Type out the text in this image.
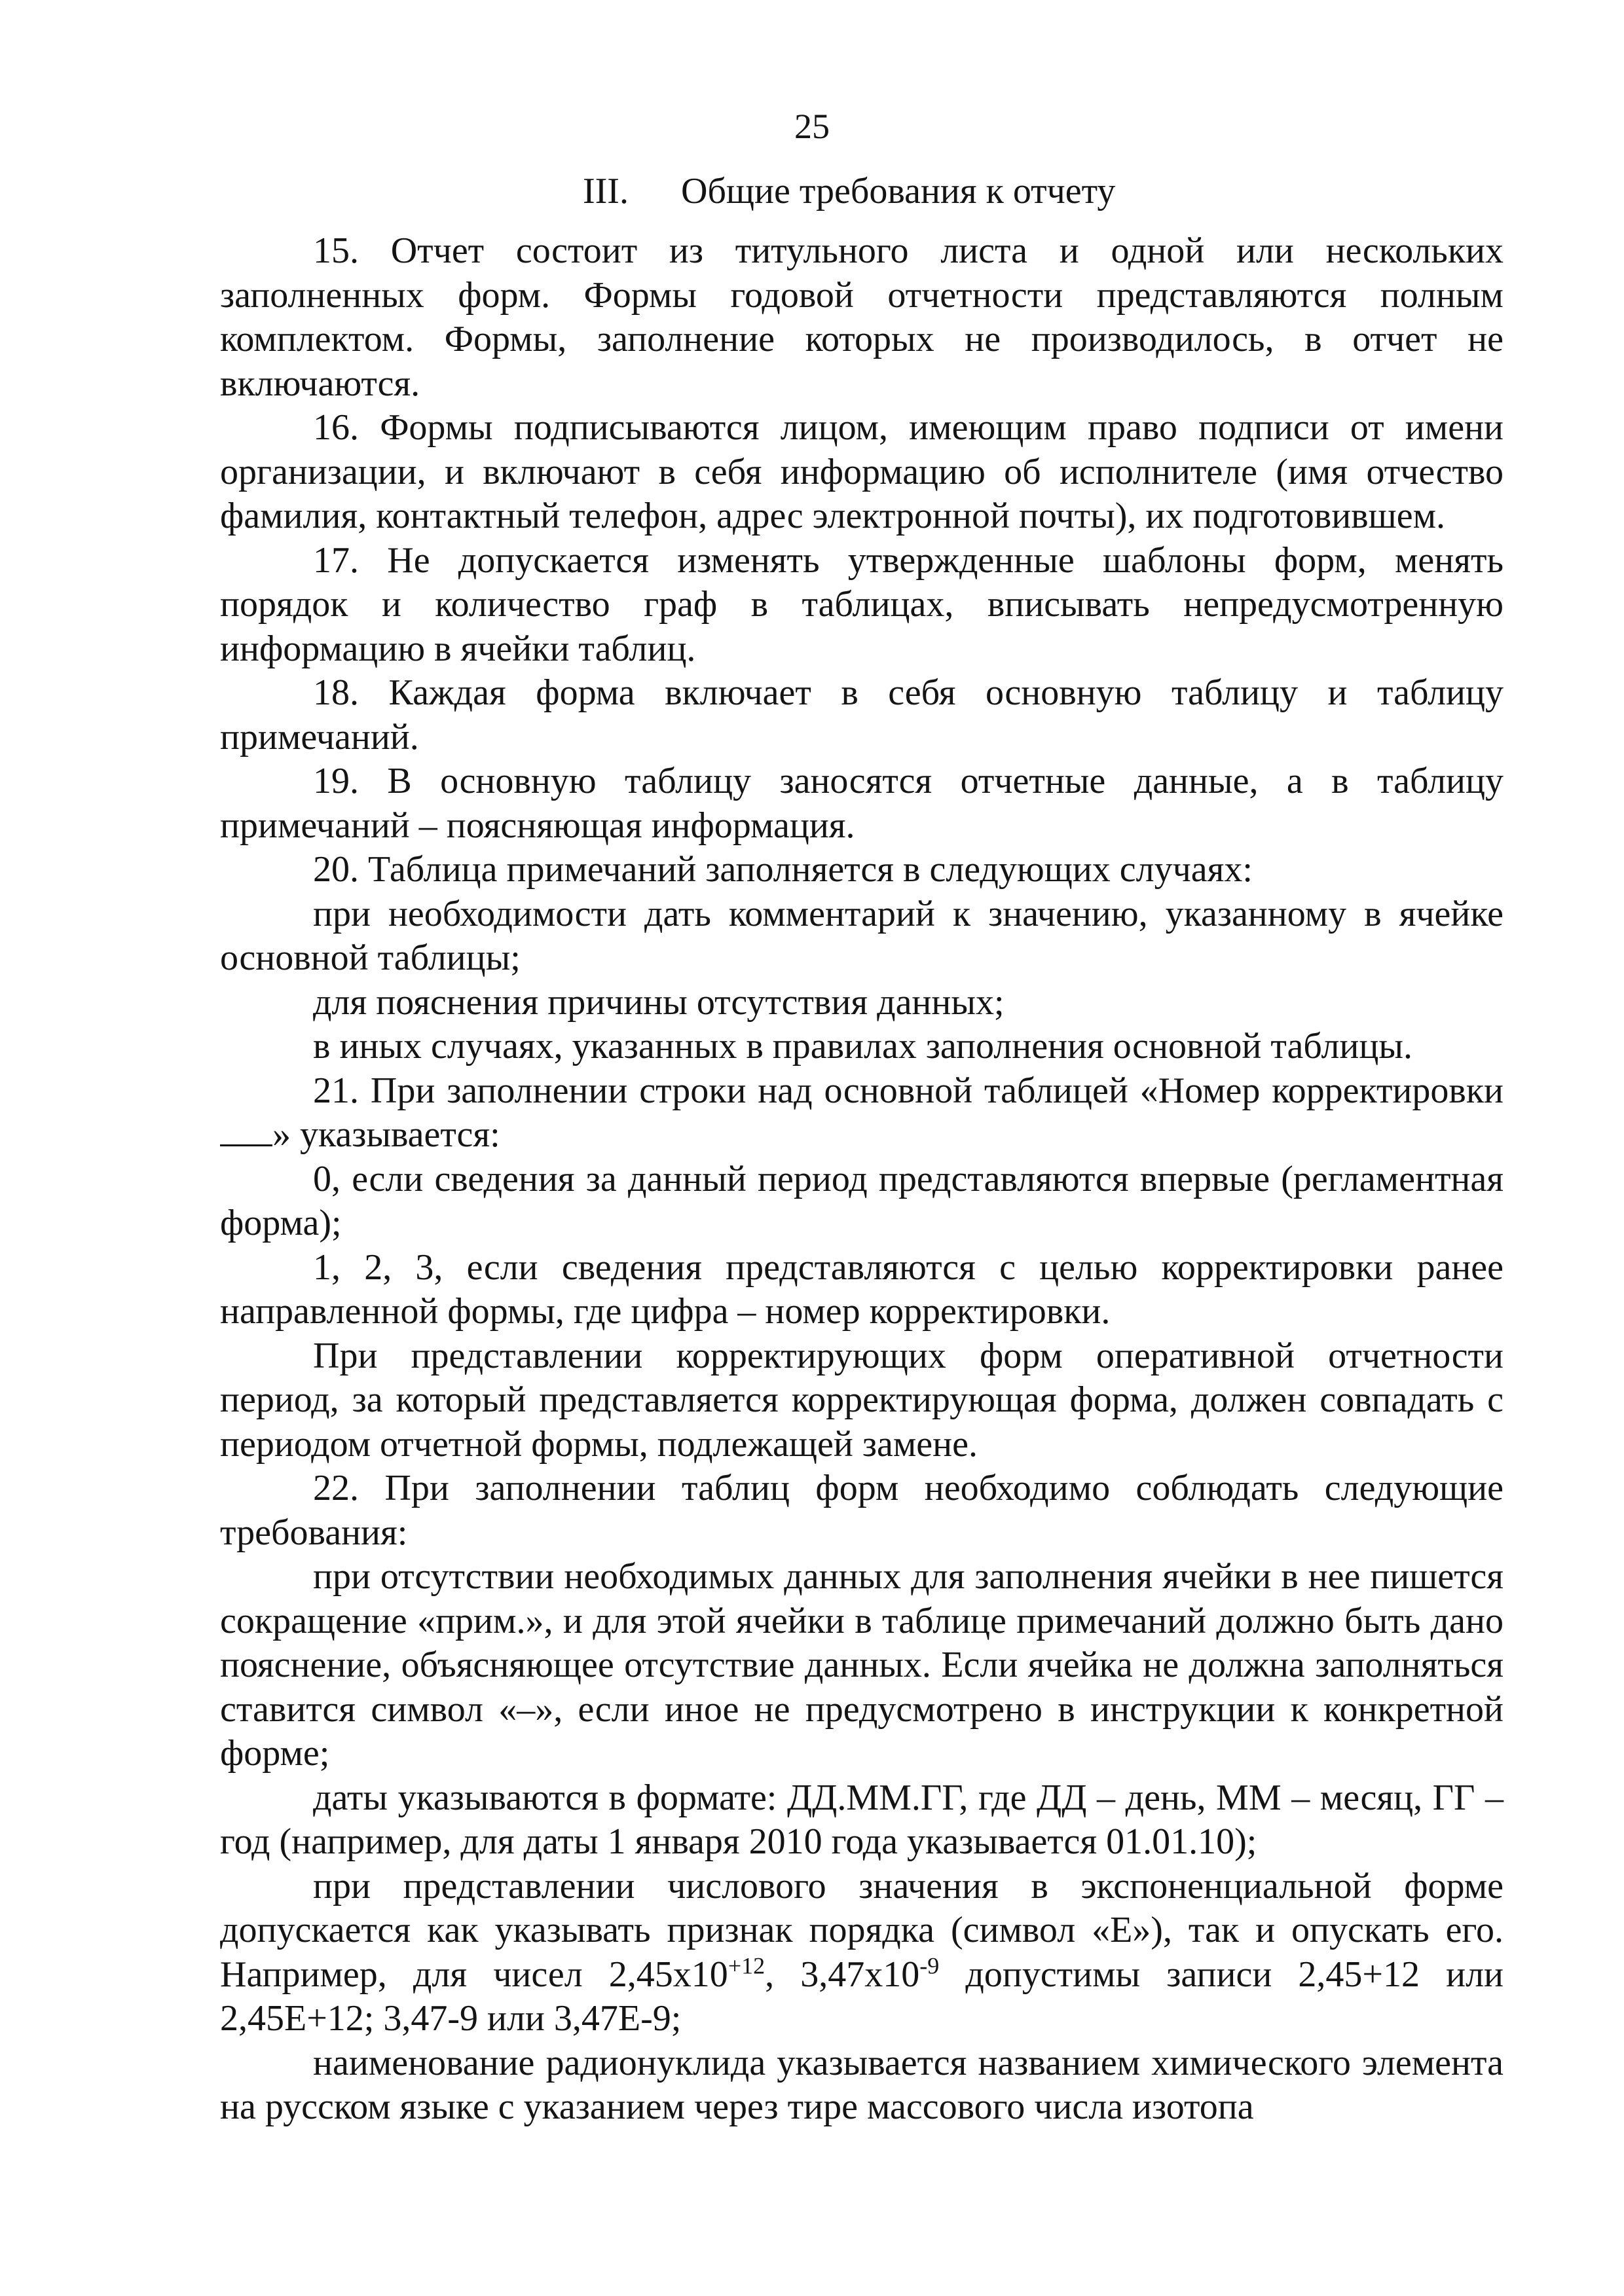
25
III. Общие требования к отчету

15. Отчет состоит из титульного листа и одной или нескольких заполненных форм. Формы годовой отчетности представляются полным комплектом. Формы, заполнение которых не производилось, в отчет не включаются.

16. Формы подписываются лицом, имеющим право подписи от имени организации, и включают в себя информацию об исполнителе (имя отчество фамилия, контактный телефон, адрес электронной почты), их подготовившем.

17. Не допускается изменять утвержденные шаблоны форм, менять порядок и количество граф в таблицах, вписывать непредусмотренную информацию в ячейки таблиц.

18. Каждая форма включает в себя основную таблицу и таблицу примечаний.

19. В основную таблицу заносятся отчетные данные, а в таблицу примечаний – поясняющая информация.

20. Таблица примечаний заполняется в следующих случаях:

при необходимости дать комментарий к значению, указанному в ячейке основной таблицы;

для пояснения причины отсутствия данных;

в иных случаях, указанных в правилах заполнения основной таблицы.

21. При заполнении строки над основной таблицей «Номер корректировки » указывается:

0, если сведения за данный период представляются впервые (регламентная форма);

1, 2, 3, если сведения представляются с целью корректировки ранее направленной формы, где цифра – номер корректировки.

При представлении корректирующих форм оперативной отчетности период, за который представляется корректирующая форма, должен совпадать с периодом отчетной формы, подлежащей замене.

22. При заполнении таблиц форм необходимо соблюдать следующие требования:

при отсутствии необходимых данных для заполнения ячейки в нее пишется сокращение «прим.», и для этой ячейки в таблице примечаний должно быть дано пояснение, объясняющее отсутствие данных. Если ячейка не должна заполняться ставится символ «–», если иное не предусмотрено в инструкции к конкретной форме;

даты указываются в формате: ДД.ММ.ГГ, где ДД – день, ММ – месяц, ГГ – год (например, для даты 1 января 2010 года указывается 01.01.10);

при представлении числового значения в экспоненциальной форме допускается как указывать признак порядка (символ «Е»), так и опускать его. Например, для чисел $2,45х10^{+12}$, $3,47х10^{-9}$ допустимы записи 2,45+12 или 2,45Е+12; 3,47-9 или 3,47Е-9;

наименование радионуклида указывается названием химического элемента на русском языке с указанием через тире массового числа изотопа
